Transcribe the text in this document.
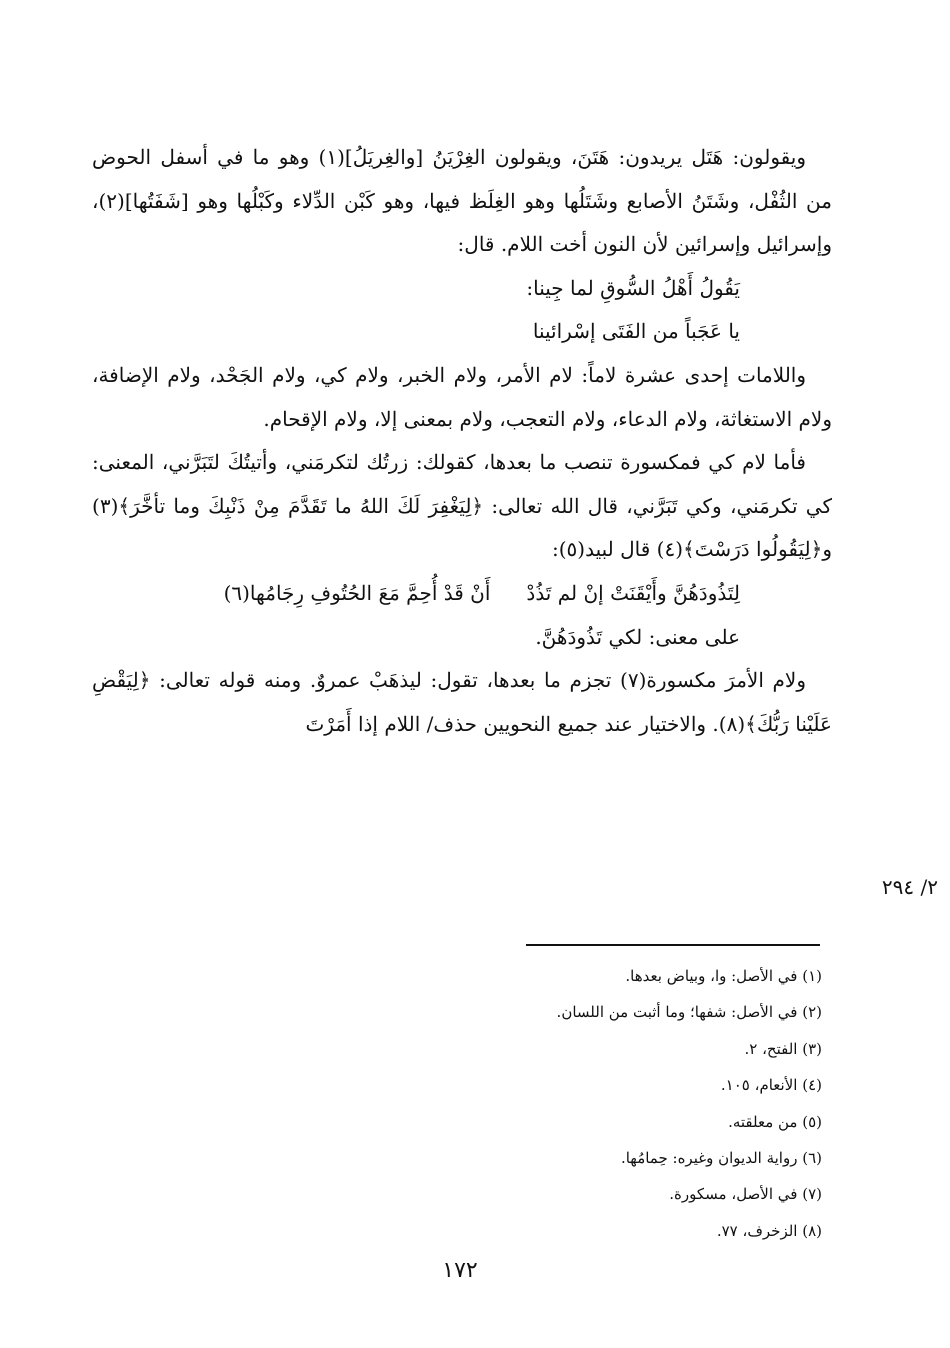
ويقولون: هَتَل يريدون: هَتَنَ، ويقولون الغِرْيَنُ [والغِريَلُ](١) وهو ما في أسفل الحوض من الثُفْل، وشَتَنُ الأصابع وشَتَلُها وهو الغِلَظ فيها، وهو كَبْن الدِّلاء وكَبْلُها وهو [شَفَتُها](٢)، وإسرائيل وإسرائين لأن النون أخت اللام. قال:

يَقُولُ أَهْلُ السُّوقِ لما جِينا:

يا عَجَباً من الفَتَى إسْرائينا

واللامات إحدى عشرة لاماً: لام الأمر، ولام الخبر، ولام كي، ولام الجَحْد، ولام الإضافة، ولام الاستغاثة، ولام الدعاء، ولام التعجب، ولام بمعنى إلا، ولام الإقحام.

فأما لام كي فمكسورة تنصب ما بعدها، كقولك: زرتُك لتكرمَني، وأتيتُكَ لتَبَرَّني، المعنى: كي تكرمَني، وكي تَبَرَّني، قال الله تعالى: ﴿لِيَغْفِرَ لَكَ اللهُ ما تَقَدَّمَ مِنْ ذَنْبِكَ وما تأخَّرَ﴾(٣) و﴿لِيَقُولُوا دَرَسْتَ﴾(٤) قال لبيد(٥):

لِتَذُودَهُنَّ وأَيْقَنَتْ إنْ لم تَذُدْأَنْ قَدْ أُحِمَّ مَعَ الحُتُوفِ رِجَامُها(٦)

على معنى: لكي تَذُودَهُنَّ.

ولام الأمرَ مكسورة(٧) تجزم ما بعدها، تقول: ليذهَبْ عمروٌ. ومنه قوله تعالى: ﴿لِيَقْضِ عَلَيْنا رَبُّكَ﴾(٨). والاختيار عند جميع النحويين حذف/ اللام إذا أَمَرْتَ

٢/ ٢٩٤
(١) في الأصل: وا، وبياض بعدها.
(٢) في الأصل: شفها؛ وما أثبت من اللسان.
(٣) الفتح، ٢.
(٤) الأنعام، ١٠٥.
(٥) من معلقته.
(٦) رواية الديوان وغيره: حِمامُها.
(٧) في الأصل، مسكورة.
(٨) الزخرف، ٧٧.
١٧٢
